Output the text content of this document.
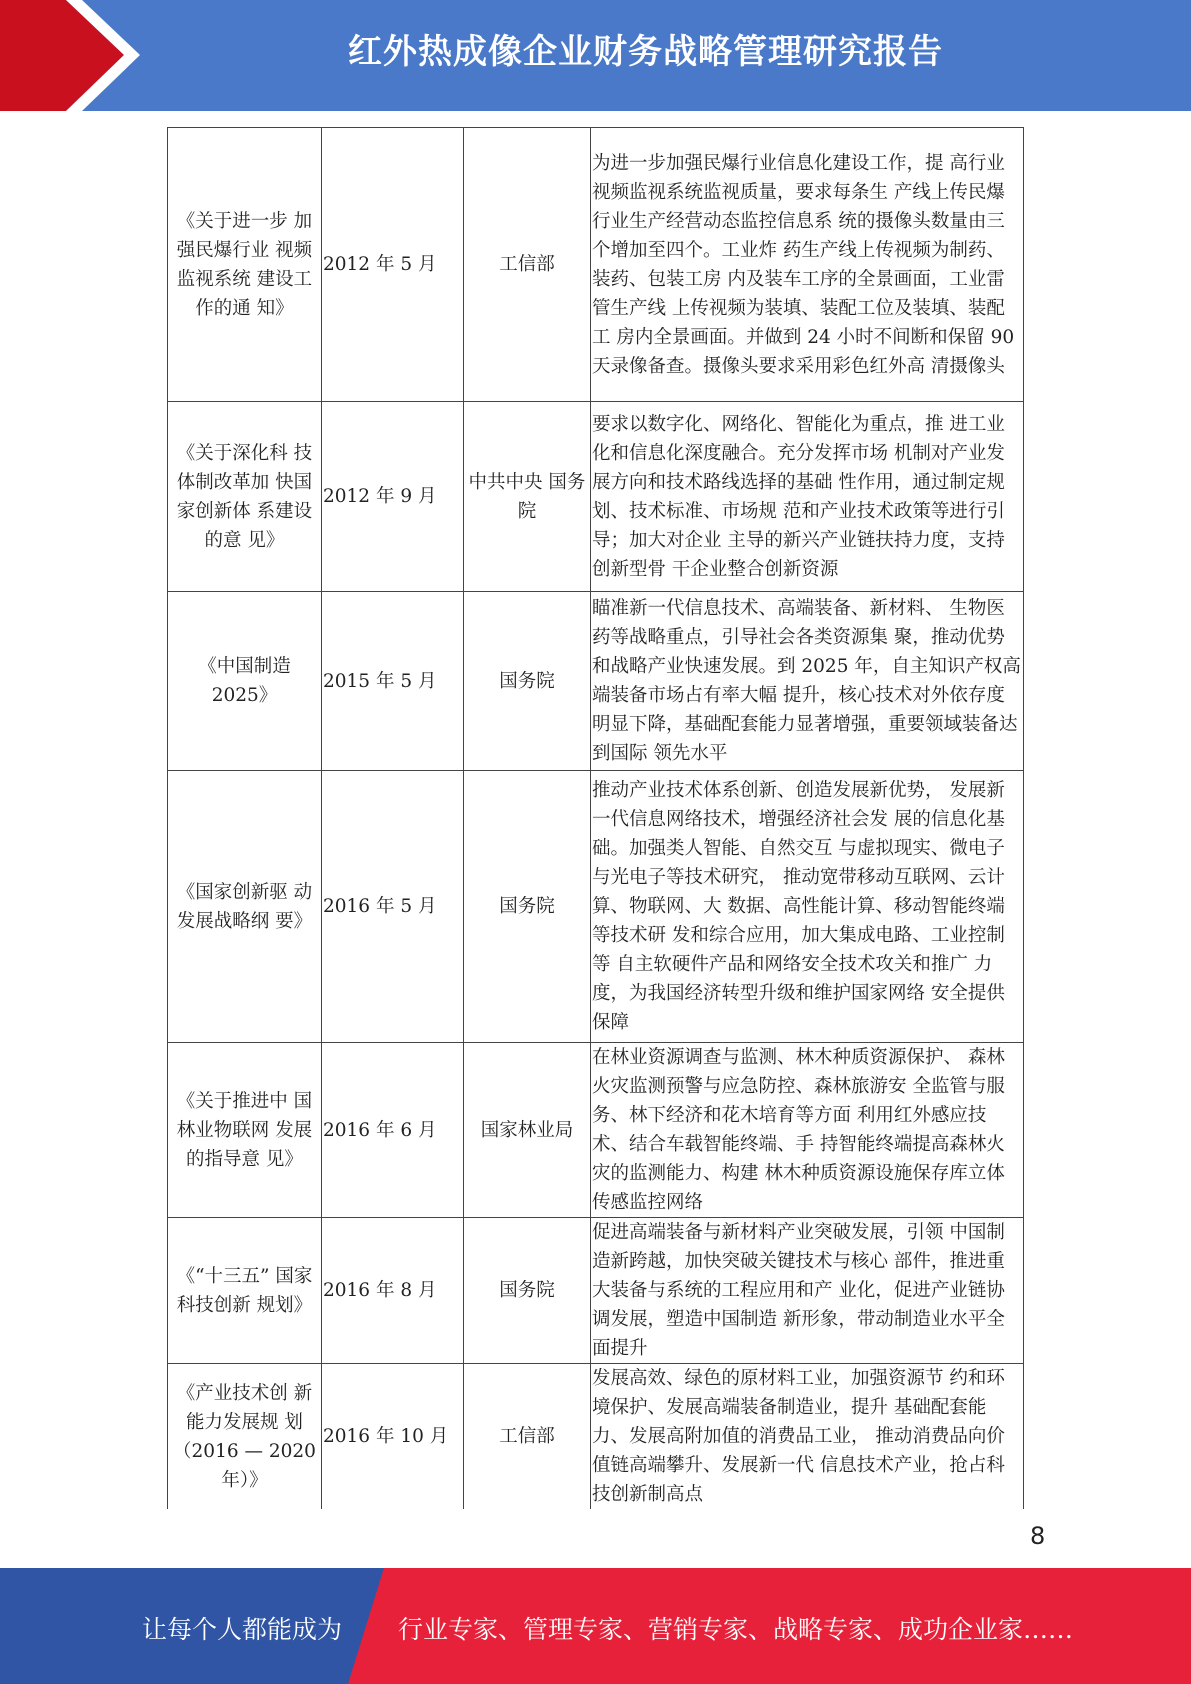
红外热成像企业财务战略管理研究报告
《关于进一步 加强民爆行业 视频监视系统 建设工作的通 知》	2012 年 5 月	工信部	为进一步加强民爆行业信息化建设工作，提 高行业视频监视系统监视质量，要求每条生 产线上传民爆行业生产经营动态监控信息系 统的摄像头数量由三个增加至四个。工业炸 药生产线上传视频为制药、装药、包装工房 内及装车工序的全景画面，工业雷管生产线 上传视频为装填、装配工位及装填、装配工 房内全景画面。并做到 24 小时不间断和保留 90 天录像备查。摄像头要求采用彩色红外高 清摄像头
《关于深化科 技体制改革加 快国家创新体 系建设的意 见》	2012 年 9 月	中共中央 国务院	要求以数字化、网络化、智能化为重点，推 进工业化和信息化深度融合。充分发挥市场 机制对产业发展方向和技术路线选择的基础 性作用，通过制定规划、技术标准、市场规 范和产业技术政策等进行引导；加大对企业 主导的新兴产业链扶持力度，支持创新型骨 干企业整合创新资源
《中国制造 2025》	2015 年 5 月	国务院	瞄准新一代信息技术、高端装备、新材料、 生物医药等战略重点，引导社会各类资源集 聚，推动优势和战略产业快速发展。到 2025 年，自主知识产权高端装备市场占有率大幅 提升，核心技术对外依存度明显下降，基础配套能力显著增强，重要领域装备达到国际 领先水平
《国家创新驱 动发展战略纲 要》	2016 年 5 月	国务院	推动产业技术体系创新、创造发展新优势， 发展新一代信息网络技术，增强经济社会发 展的信息化基础。加强类人智能、自然交互 与虚拟现实、微电子与光电子等技术研究， 推动宽带移动互联网、云计算、物联网、大 数据、高性能计算、移动智能终端等技术研 发和综合应用，加大集成电路、工业控制等 自主软硬件产品和网络安全技术攻关和推广 力度，为我国经济转型升级和维护国家网络 安全提供保障
《关于推进中 国林业物联网 发展的指导意 见》	2016 年 6 月	国家林业局	在林业资源调查与监测、林木种质资源保护、 森林火灾监测预警与应急防控、森林旅游安 全监管与服务、林下经济和花木培育等方面 利用红外感应技术、结合车载智能终端、手 持智能终端提高森林火灾的监测能力、构建 林木种质资源设施保存库立体传感监控网络
《“十三五” 国家科技创新 规划》	2016 年 8 月	国务院	促进高端装备与新材料产业突破发展，引领 中国制造新跨越，加快突破关键技术与核心 部件，推进重大装备与系统的工程应用和产 业化，促进产业链协调发展，塑造中国制造 新形象，带动制造业水平全面提升
《产业技术创 新能力发展规 划（2016 — 2020 年）》	2016 年 10 月	工信部	发展高效、绿色的原材料工业，加强资源节 约和环境保护、发展高端装备制造业，提升 基础配套能力、发展高附加值的消费品工业， 推动消费品向价值链高端攀升、发展新一代 信息技术产业，抢占科技创新制高点
8
让每个人都能成为 行业专家、管理专家、营销专家、战略专家、成功企业家……
